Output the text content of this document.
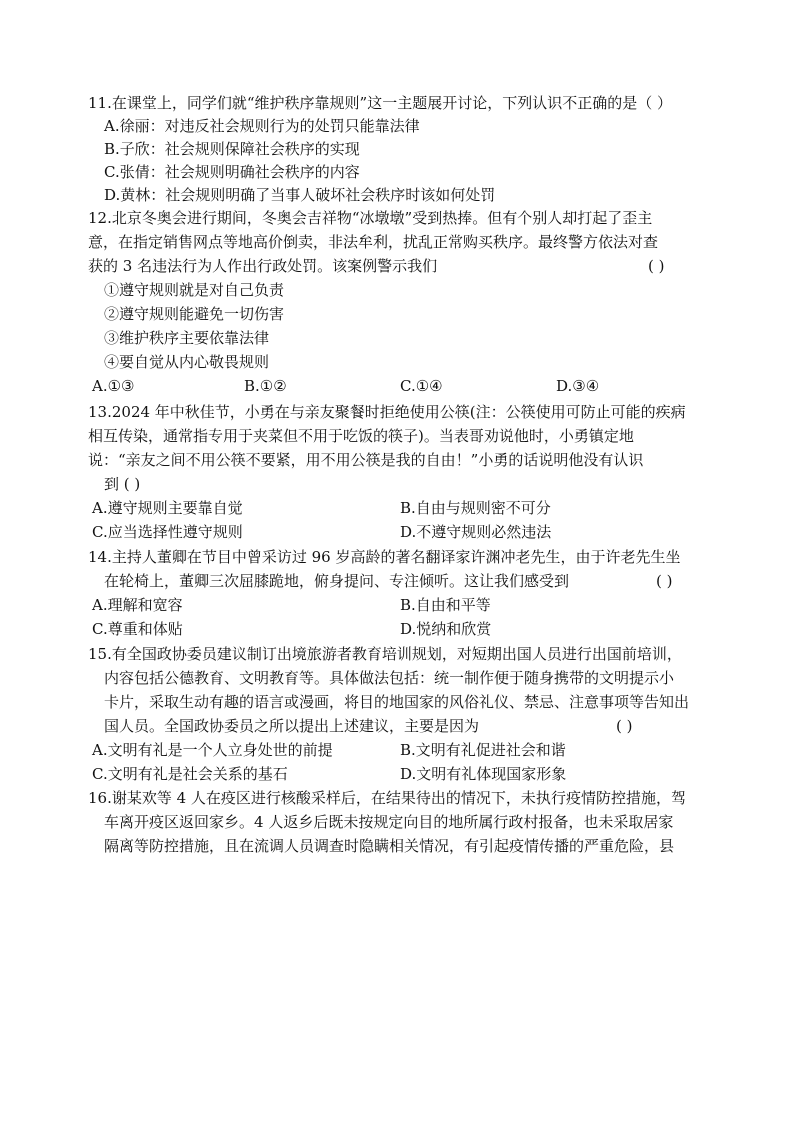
11.在课堂上，同学们就“维护秩序靠规则”这一主题展开讨论，下列认识不正确的是（ ）
A.徐丽：对违反社会规则行为的处罚只能靠法律
B.子欣：社会规则保障社会秩序的实现
C.张倩：社会规则明确社会秩序的内容
D.黄林：社会规则明确了当事人破坏社会秩序时该如何处罚
12.北京冬奥会进行期间，冬奥会吉祥物“冰墩墩”受到热捧。但有个别人却打起了歪主
意，在指定销售网点等地高价倒卖，非法牟利，扰乱正常购买秩序。最终警方依法对查
获的 3 名违法行为人作出行政处罚。该案例警示我们	( )
①遵守规则就是对自己负责
②遵守规则能避免一切伤害
③维护秩序主要依靠法律
④要自觉从内心敬畏规则
A.①③	B.①②	C.①④	D.③④
13.2024 年中秋佳节，小勇在与亲友聚餐时拒绝使用公筷(注：公筷使用可防止可能的疾病
相互传染，通常指专用于夹菜但不用于吃饭的筷子)。当表哥劝说他时，小勇镇定地
说：“亲友之间不用公筷不要紧，用不用公筷是我的自由！”小勇的话说明他没有认识
到 ( )
A.遵守规则主要靠自觉	B.自由与规则密不可分
C.应当选择性遵守规则	D.不遵守规则必然违法
14.主持人董卿在节目中曾采访过 96 岁高龄的著名翻译家许渊冲老先生，由于许老先生坐
在轮椅上，董卿三次屈膝跪地，俯身提问、专注倾听。这让我们感受到	( )
A.理解和宽容	B.自由和平等
C.尊重和体贴	D.悦纳和欣赏
15.有全国政协委员建议制订出境旅游者教育培训规划，对短期出国人员进行出国前培训，
内容包括公德教育、文明教育等。具体做法包括：统一制作便于随身携带的文明提示小
卡片，采取生动有趣的语言或漫画，将目的地国家的风俗礼仪、禁忌、注意事项等告知出
国人员。全国政协委员之所以提出上述建议，主要是因为	( )
A.文明有礼是一个人立身处世的前提	B.文明有礼促进社会和谐
C.文明有礼是社会关系的基石	D.文明有礼体现国家形象
16.谢某欢等 4 人在疫区进行核酸采样后，在结果待出的情况下，未执行疫情防控措施，驾
车离开疫区返回家乡。4 人返乡后既未按规定向目的地所属行政村报备，也未采取居家
隔离等防控措施，且在流调人员调查时隐瞒相关情况，有引起疫情传播的严重危险，县
